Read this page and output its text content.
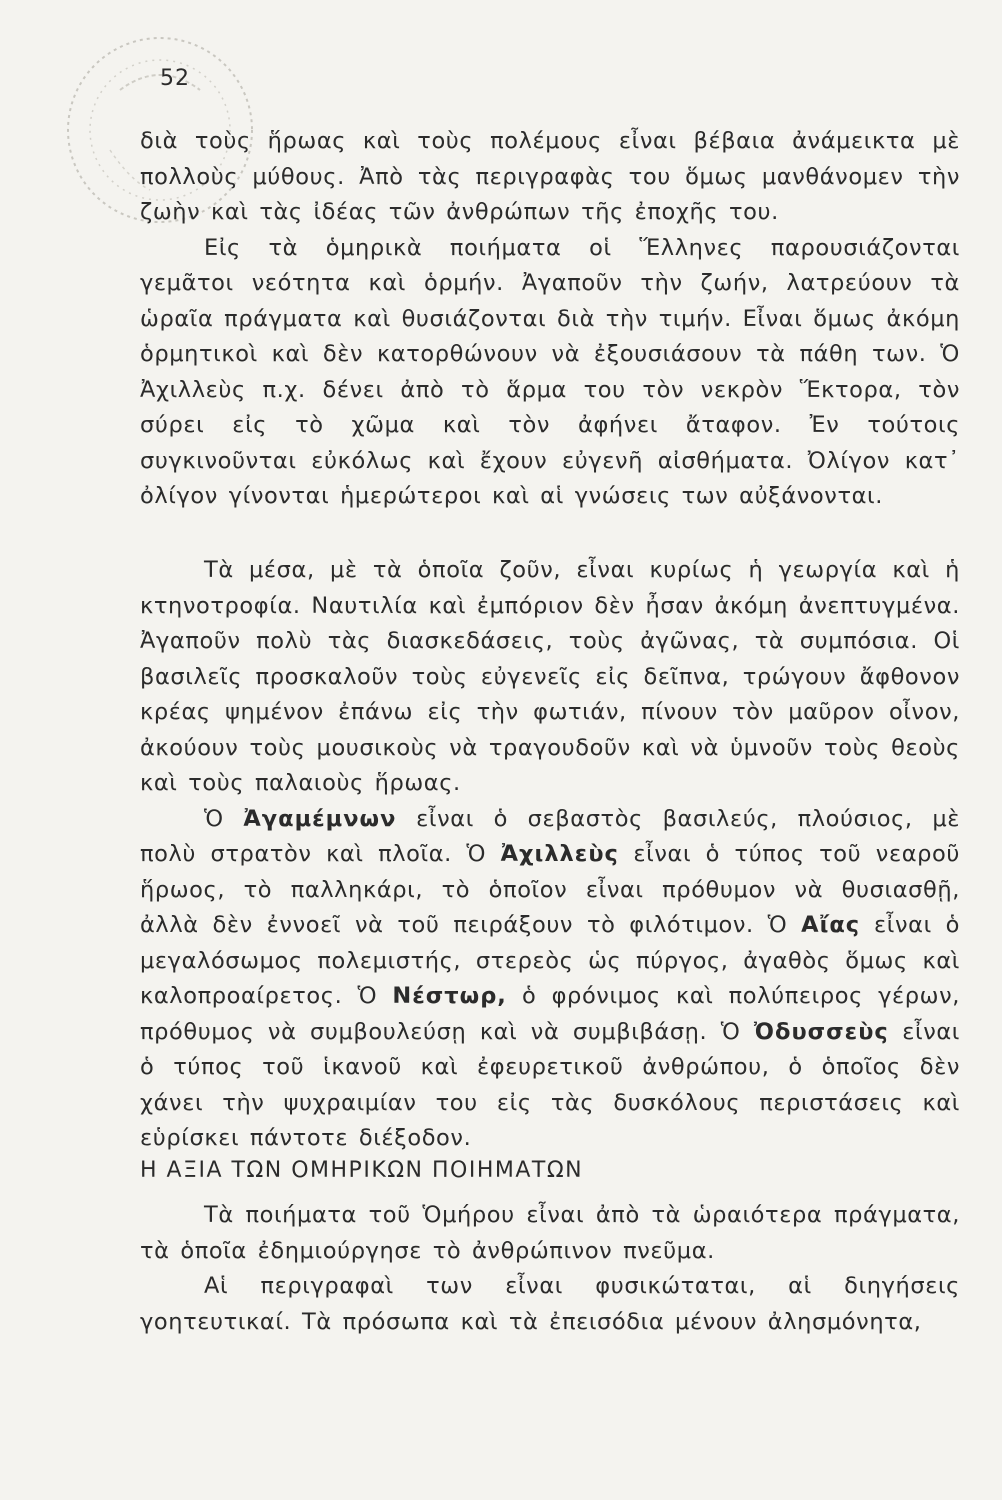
52

διὰ τοὺς ἥρωας καὶ τοὺς πολέμους εἶναι βέβαια ἀνάμεικτα μὲ πολλοὺς μύθους. Ἀπὸ τὰς περιγραφὰς του ὅμως μανθάνομεν τὴν ζωὴν καὶ τὰς ἰδέας τῶν ἀνθρώπων τῆς ἐποχῆς του.

Εἰς τὰ ὁμηρικὰ ποιήματα οἱ Ἕλληνες παρουσιάζονται γεμᾶτοι νεότητα καὶ ὁρμήν. Ἀγαποῦν τὴν ζωήν, λατρεύουν τὰ ὡραῖα πράγματα καὶ θυσιάζονται διὰ τὴν τιμήν. Εἶναι ὅμως ἀκόμη ὁρμητικοὶ καὶ δὲν κατορθώνουν νὰ ἐξουσιάσουν τὰ πάθη των. Ὁ Ἀχιλλεὺς π.χ. δένει ἀπὸ τὸ ἅρμα του τὸν νεκρὸν Ἕκτορα, τὸν σύρει εἰς τὸ χῶμα καὶ τὸν ἀφήνει ἄταφον. Ἐν τούτοις συγκινοῦνται εὐκόλως καὶ ἔχουν εὐγενῆ αἰσθήματα. Ὀλίγον κατ᾽ ὀλίγον γίνονται ἡμερώτεροι καὶ αἱ γνώσεις των αὐξάνονται.

Τὰ μέσα, μὲ τὰ ὁποῖα ζοῦν, εἶναι κυρίως ἡ γεωργία καὶ ἡ κτηνοτροφία. Ναυτιλία καὶ ἐμπόριον δὲν ἦσαν ἀκόμη ἀνεπτυγμένα. Ἀγαποῦν πολὺ τὰς διασκεδάσεις, τοὺς ἀγῶνας, τὰ συμπόσια. Οἱ βασιλεῖς προσκαλοῦν τοὺς εὐγενεῖς εἰς δεῖπνα, τρώγουν ἄφθονον κρέας ψημένον ἐπάνω εἰς τὴν φωτιάν, πίνουν τὸν μαῦρον οἶνον, ἀκούουν τοὺς μουσικοὺς νὰ τραγουδοῦν καὶ νὰ ὑμνοῦν τοὺς θεοὺς καὶ τοὺς παλαιοὺς ἥρωας.

Ὁ Ἀγαμέμνων εἶναι ὁ σεβαστὸς βασιλεύς, πλούσιος, μὲ πολὺ στρατὸν καὶ πλοῖα. Ὁ Ἀχιλλεὺς εἶναι ὁ τύπος τοῦ νεαροῦ ἥρωος, τὸ παλληκάρι, τὸ ὁποῖον εἶναι πρόθυμον νὰ θυσιασθῇ, ἀλλὰ δὲν ἐννοεῖ νὰ τοῦ πειράξουν τὸ φιλότιμον. Ὁ Αἴας εἶναι ὁ μεγαλόσωμος πολεμιστής, στερεὸς ὡς πύργος, ἀγαθὸς ὅμως καὶ καλοπροαίρετος. Ὁ Νέστωρ, ὁ φρόνιμος καὶ πολύπειρος γέρων, πρόθυμος νὰ συμβουλεύσῃ καὶ νὰ συμβιβάσῃ. Ὁ Ὀδυσσεὺς εἶναι ὁ τύπος τοῦ ἱκανοῦ καὶ ἐφευρετικοῦ ἀνθρώπου, ὁ ὁποῖος δὲν χάνει τὴν ψυχραιμίαν του εἰς τὰς δυσκόλους περιστάσεις καὶ εὑρίσκει πάντοτε διέξοδον.

Η ΑΞΙΑ ΤΩΝ ΟΜΗΡΙΚΩΝ ΠΟΙΗΜΑΤΩΝ

Τὰ ποιήματα τοῦ Ὁμήρου εἶναι ἀπὸ τὰ ὡραιότερα πράγματα, τὰ ὁποῖα ἐδημιούργησε τὸ ἀνθρώπινον πνεῦμα.

Αἱ περιγραφαὶ των εἶναι φυσικώταται, αἱ διηγήσεις γοητευτικαί. Τὰ πρόσωπα καὶ τὰ ἐπεισόδια μένουν ἀλησμόνητα,
